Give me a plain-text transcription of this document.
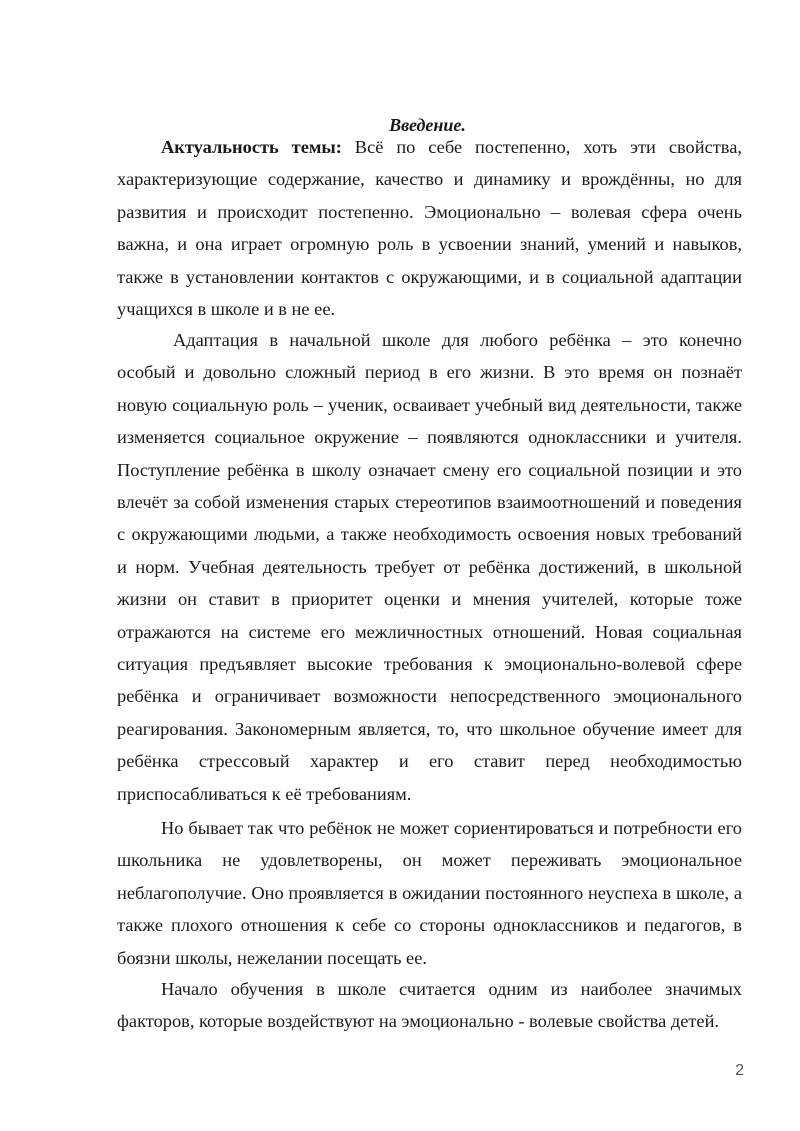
Введение.

Актуальность темы: Всё по себе постепенно, хоть эти свойства, характеризующие содержание, качество и динамику и врождённы, но для развития и происходит постепенно. Эмоционально – волевая сфера очень важна, и она играет огромную роль в усвоении знаний, умений и навыков, также в установлении контактов с окружающими, и в социальной адаптации учащихся в школе и в не ее.

Адаптация в начальной школе для любого ребёнка – это конечно особый и довольно сложный период в его жизни. В это время он познаёт новую социальную роль – ученик, осваивает учебный вид деятельности, также изменяется социальное окружение – появляются одноклассники и учителя. Поступление ребёнка в школу означает смену его социальной позиции и это влечёт за собой изменения старых стереотипов взаимоотношений и поведения с окружающими людьми, а также необходимость освоения новых требований и норм. Учебная деятельность требует от ребёнка достижений, в школьной жизни он ставит в приоритет оценки и мнения учителей, которые тоже отражаются на системе его межличностных отношений. Новая социальная ситуация предъявляет высокие требования к эмоционально-волевой сфере ребёнка и ограничивает возможности непосредственного эмоционального реагирования. Закономерным является, то, что школьное обучение имеет для ребёнка стрессовый характер и его ставит перед необходимостью приспосабливаться к её требованиям.

Но бывает так что ребёнок не может сориентироваться и потребности его школьника не удовлетворены, он может переживать эмоциональное неблагополучие. Оно проявляется в ожидании постоянного неуспеха в школе, а также плохого отношения к себе со стороны одноклассников и педагогов, в боязни школы, нежелании посещать ее.

Начало обучения в школе считается одним из наиболее значимых факторов, которые воздействуют на эмоционально - волевые свойства детей.

2
